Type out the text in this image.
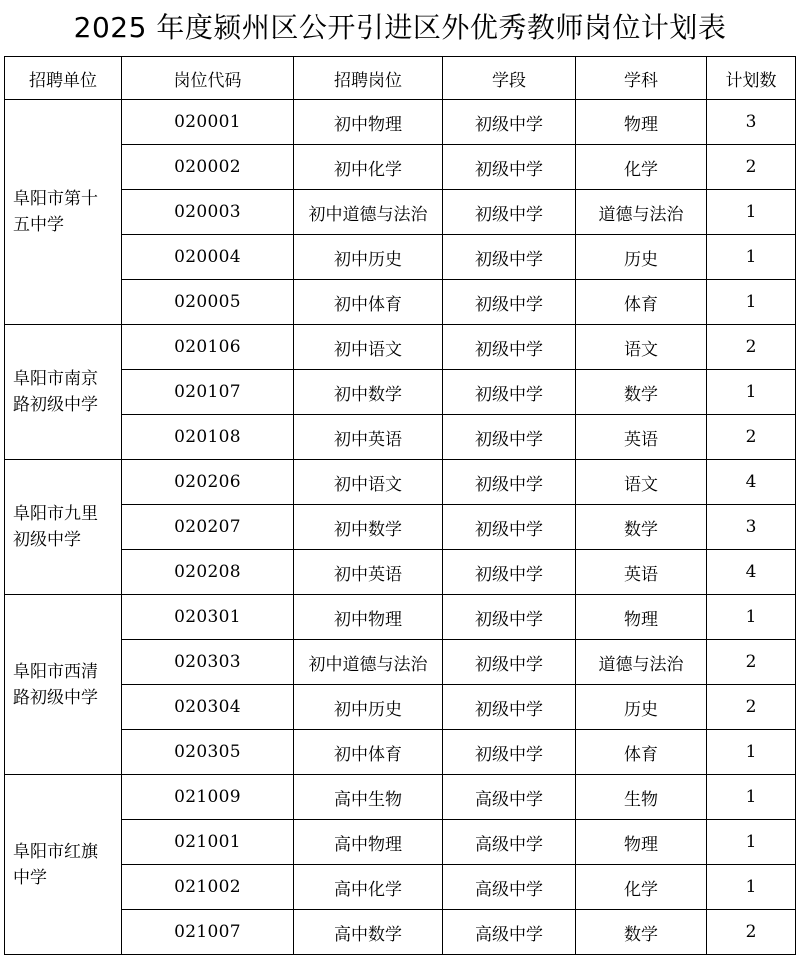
2025 年度颍州区公开引进区外优秀教师岗位计划表
招聘单位	岗位代码	招聘岗位	学段	学科	计划数
阜阳市第十五中学	020001	初中物理	初级中学	物理	3
	020002	初中化学	初级中学	化学	2
	020003	初中道德与法治	初级中学	道德与法治	1
	020004	初中历史	初级中学	历史	1
	020005	初中体育	初级中学	体育	1
阜阳市南京路初级中学	020106	初中语文	初级中学	语文	2
	020107	初中数学	初级中学	数学	1
	020108	初中英语	初级中学	英语	2
阜阳市九里初级中学	020206	初中语文	初级中学	语文	4
	020207	初中数学	初级中学	数学	3
	020208	初中英语	初级中学	英语	4
阜阳市西清路初级中学	020301	初中物理	初级中学	物理	1
	020303	初中道德与法治	初级中学	道德与法治	2
	020304	初中历史	初级中学	历史	2
	020305	初中体育	初级中学	体育	1
阜阳市红旗中学	021009	高中生物	高级中学	生物	1
	021001	高中物理	高级中学	物理	1
	021002	高中化学	高级中学	化学	1
	021007	高中数学	高级中学	数学	2
